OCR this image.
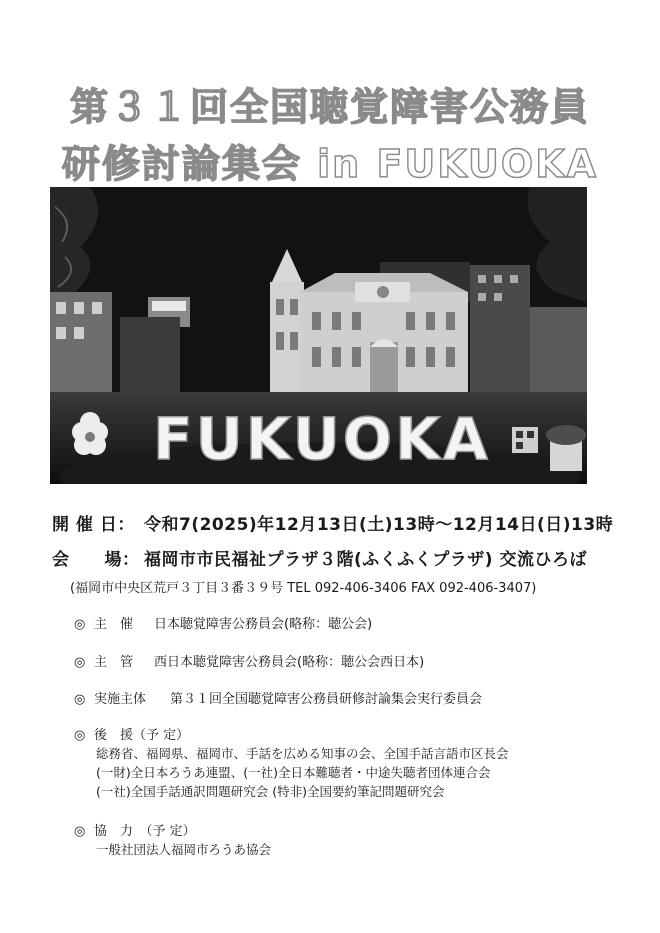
第３１回全国聴覚障害公務員
研修討論集会 in FUKUOKA
FUKUOKA
開 催 日： 令和7(2025)年12月13日(土)13時～12月14日(日)13時
会　　場： 福岡市市民福祉プラザ３階(ふくふくプラザ) 交流ひろば
(福岡市中央区荒戸３丁目３番３９号 TEL 092-406-3406 FAX 092-406-3407)
◎ 主　催 日本聴覚障害公務員会(略称：聴公会)
◎ 主　管 西日本聴覚障害公務員会(略称：聴公会西日本)
◎ 実施主体 第３１回全国聴覚障害公務員研修討論集会実行委員会
◎ 後　援（予 定）
総務省、福岡県、福岡市、手話を広める知事の会、全国手話言語市区長会
(一財)全日本ろうあ連盟、(一社)全日本難聴者・中途失聴者団体連合会
(一社)全国手話通訳問題研究会 (特非)全国要約筆記問題研究会
◎ 協　力　（予 定）
一般社団法人福岡市ろうあ協会
